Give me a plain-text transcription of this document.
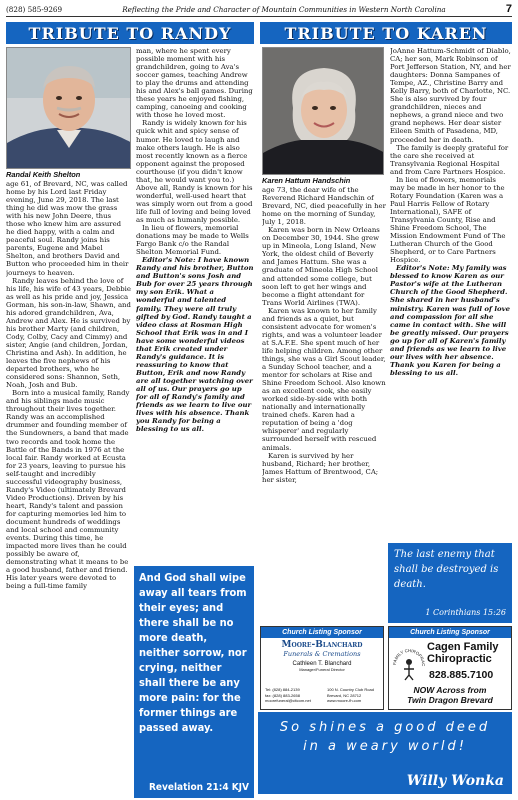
(828) 585-9269	Reflecting the Pride and Character of Mountain Communities in Western North Carolina	7
TRIBUTE TO RANDY
Randal Keith Shelton

age 61, of Brevard, NC, was called home by his Lord last Friday evening, June 29, 2018. The last thing he did was mow the grass with his new John Deere, thus those who knew him are assured he died happy, with a calm and peaceful soul. Randy joins his parents, Eugene and Mabel Shelton, and brothers David and Button who proceeded him in their journeys to heaven.

Randy leaves behind the love of his life, his wife of 43 years, Debbie as well as his pride and joy, Jessica Gorman, his son-in-law, Shawn, and his adored grandchildren, Ava, Andrew and Alex. He is survived by his brother Marty (and children, Cody, Colby, Cacy and Cimmy) and sister, Angie (and children, Jordan, Christina and Ash). In addition, he leaves the five nephews of his departed brothers, who he considered sons: Shannon, Seth, Noah, Josh and Bub.

Born into a musical family, Randy and his siblings made music throughout their lives together. Randy was an accomplished drummer and founding member of the Sundowners, a band that made two records and took home the Battle of the Bands in 1976 at the local fair. Randy worked at Ecusta for 23 years, leaving to pursue his self-taught and incredibly successful videography business, Randy's Video (ultimately Brevard Video Productions). Driven by his heart, Randy's talent and passion for capturing memories led him to document hundreds of weddings and local school and community events. During this time, he impacted more lives than he could possibly be aware of, demonstrating what it means to be a good husband, father and friend. His later years were devoted to being a full-time family

man, where he spent every possible moment with his grandchildren, going to Ava's soccer games, teaching Andrew to play the drums and attending his and Alex's ball games. During these years he enjoyed fishing, camping, canoeing and cooking with those he loved most.

Randy is widely known for his quick whit and spicy sense of humor. He loved to laugh and make others laugh. He is also most recently known as a fierce opponent against the proposed courthouse (if you didn't know that, he would want you to.) Above all, Randy is known for his wonderful, well-used heart that was simply worn out from a good life full of loving and being loved as much as humanly possible.

In lieu of flowers, memorial donations may be made to Wells Fargo Bank c/o the Randal Shelton Memorial Fund.

Editor's Note: I have known Randy and his brother, Button and Button's sons Josh and Bub for over 25 years through my son Erik. What a wonderful and talented family. They were all truly gifted by God. Randy taught a video class at Rosman High School that Erik was in and I have some wonderful videos that Erik created under Randy's guidance. It is reassuring to know that Button, Erik and now Randy are all together watching over all of us. Our prayers go up for all of Randy's family and friends as we learn to live our lives with his absence. Thank you Randy for being a blessing to us all.

And God shall wipe away all tears from their eyes; and there shall be no more death, neither sorrow, nor crying, neither shall there be any more pain: for the former things are passed away.
Revelation 21:4 KJV
TRIBUTE TO KAREN
Karen Hattum Handschin

age 73, the dear wife of the Reverend Richard Handschin of Brevard, NC, died peacefully in her home on the morning of Sunday, July 1, 2018.

Karen was born in New Orleans on December 30, 1944. She grew up in Mineola, Long Island, New York, the oldest child of Beverly and James Hattum. She was a graduate of Mineola High School and attended some college, but soon left to get her wings and become a flight attendant for Trans World Airlines (TWA).

Karen was known to her family and friends as a quiet, but consistent advocate for women's rights, and was a volunteer leader at S.A.F.E. She spent much of her life helping children. Among other things, she was a Girl Scout leader, a Sunday School teacher, and a mentor for scholars at Rise and Shine Freedom School. Also known as an excellent cook, she easily worked side-by-side with both nationally and internationally trained chefs. Karen had a reputation of being a 'dog whisperer' and regularly surrounded herself with rescued animals.

Karen is survived by her husband, Richard; her brother, James Hattum of Brentwood, CA; her sister,

JoAnne Hattum-Schmidt of Diablo, CA; her son, Mark Robinson of Port Jefferson Station, NY, and her daughters: Donna Sampanes of Tempe, AZ., Christine Barry and Kelly Barry, both of Charlotte, NC. She is also survived by four grandchildren, nieces and nephews, a grand niece and two grand nephews. Her dear sister Eileen Smith of Pasadena, MD, proceeded her in death.

The family is deeply grateful for the care she received at Transylvania Regional Hospital and from Care Partners Hospice.

In lieu of flowers, memorials may be made in her honor to the Rotary Foundation (Karen was a Paul Harris Fellow of Rotary International), SAFE of Transylvania County, Rise and Shine Freedom School, The Mission Endowment Fund of The Lutheran Church of the Good Shepherd, or to Care Partners Hospice.

Editor's Note: My family was blessed to know Karen as our Pastor's wife at the Lutheran Church of the Good Shepherd. She shared in her husband's ministry. Karen was full of love and compassion for all she came in contact with. She will be greatly missed. Our prayers go up for all of Karen's family and friends as we learn to live our lives with her absence. Thank you Karen for being a blessing to us all.

The last enemy that shall be destroyed is death.
1 Corinthians 15:26
Church Listing Sponsor
Moore-Blanchard
Funerals & Cremations
Cathleen T. Blanchard
Manager/Funeral Director
Tel: (828) 884-2139
fax: (828) 883-2658
moorefuneral@citcom.net
100 N. Country Club Road
Brevard, NC 28712
www.moore-fh.com
Church Listing Sponsor
FAMILY CHIROPRAC
Cagen Family
Chiropractic
828.885.7100
NOW Across from
Twin Dragon Brevard
So shines a good deed
in a weary world!
Willy Wonka
